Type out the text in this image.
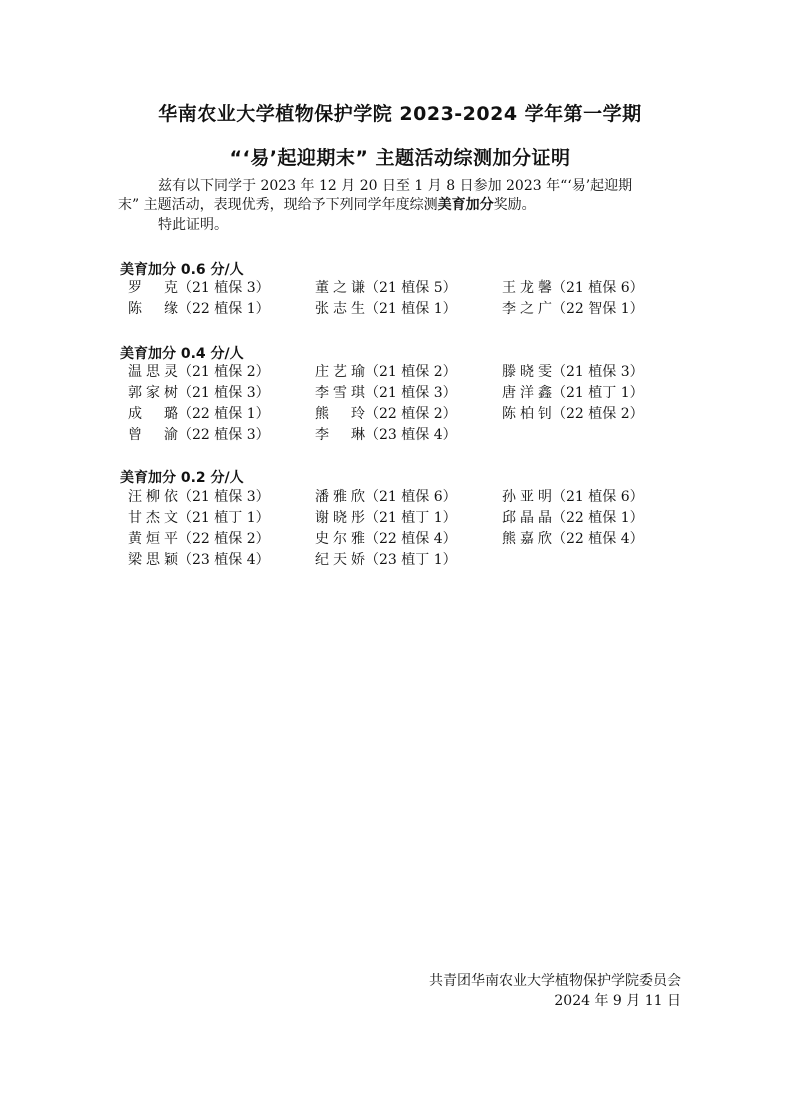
华南农业大学植物保护学院 2023-2024 学年第一学期
“‘易’起迎期末” 主题活动综测加分证明
兹有以下同学于 2023 年 12 月 20 日至 1 月 8 日参加 2023 年“‘易’起迎期
末” 主题活动，表现优秀，现给予下列同学年度综测美育加分奖励。
特此证明。
美育加分 0.6 分/人
罗克（21 植保 3）	董之谦（21 植保 5）	王龙馨（21 植保 6）
陈缘（22 植保 1）	张志生（21 植保 1）	李之广（22 智保 1）
美育加分 0.4 分/人
温思灵（21 植保 2）	庄艺瑜（21 植保 2）	滕晓雯（21 植保 3）
郭家树（21 植保 3）	李雪琪（21 植保 3）	唐洋鑫（21 植丁 1）
成璐（22 植保 1）	熊玲（22 植保 2）	陈柏钊（22 植保 2）
曾渝（22 植保 3）	李琳（23 植保 4）
美育加分 0.2 分/人
汪柳依（21 植保 3）	潘雅欣（21 植保 6）	孙亚明（21 植保 6）
甘杰文（21 植丁 1）	谢晓彤（21 植丁 1）	邱晶晶（22 植保 1）
黄烜平（22 植保 2）	史尔雅（22 植保 4）	熊嘉欣（22 植保 4）
梁思颖（23 植保 4）	纪天娇（23 植丁 1）
共青团华南农业大学植物保护学院委员会
2024 年 9 月 11 日
